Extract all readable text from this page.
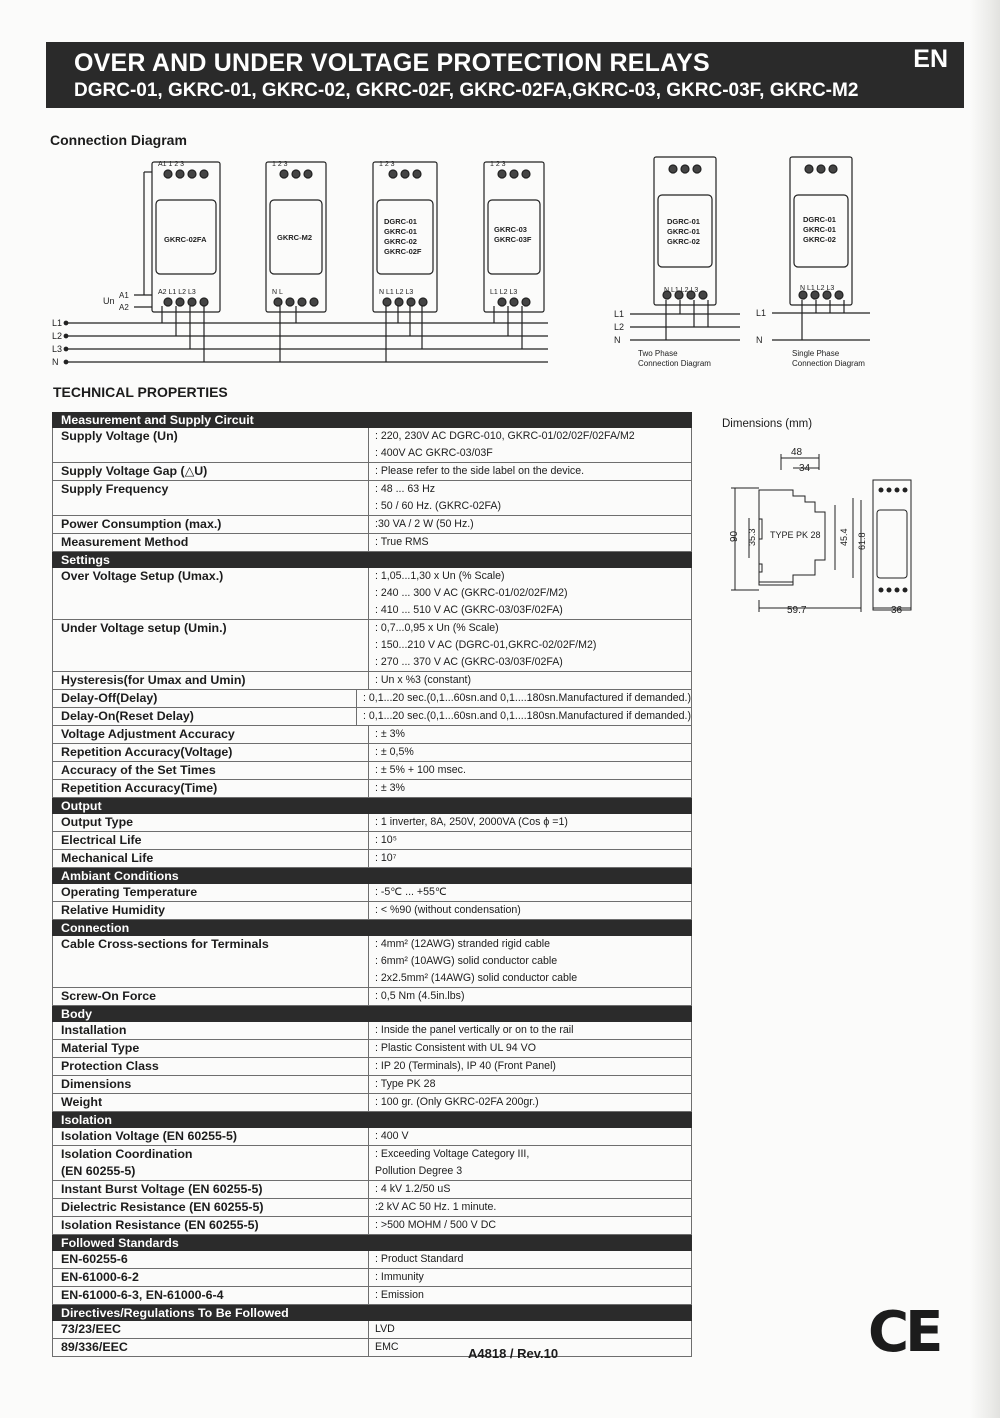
OVER AND UNDER VOLTAGE PROTECTION RELAYS
DGRC-01, GKRC-01, GKRC-02, GKRC-02F, GKRC-02FA,GKRC-03, GKRC-03F, GKRC-M2
EN
Connection Diagram
L1
L2
L3
N
A1 1 2 3
A2 L1 L2 L3
GKRC-02FA
1 2 3
N L
GKRC-M2
1 2 3
N L1 L2 L3
DGRC-01
GKRC-01
GKRC-02
GKRC-02F
1 2 3
L1 L2 L3
GKRC-03
GKRC-03F
Un
A1
A2
DGRC-01
GKRC-01
GKRC-02
N L1 L2 L3
L1
L2
N
Two Phase
Connection Diagram
DGRC-01
GKRC-01
GKRC-02
N L1 L2 L3
L1
N
Single Phase
Connection Diagram
TECHNICAL PROPERTIES
Measurement and Supply Circuit
Supply Voltage (Un)	: 220, 230V AC DGRC-010, GKRC-01/02/02F/02FA/M2
: 400V AC GKRC-03/03F
Supply Voltage Gap (△U)	: Please refer to the side label on the device.
Supply Frequency	: 48 ... 63 Hz
: 50 / 60 Hz. (GKRC-02FA)
Power Consumption (max.)	:30 VA / 2 W (50 Hz.)
Measurement Method	: True RMS
Settings
Over Voltage Setup (Umax.)	: 1,05...1,30 x Un (% Scale)
: 240 ... 300 V AC (GKRC-01/02/02F/M2)
: 410 ... 510 V AC (GKRC-03/03F/02FA)
Under Voltage setup (Umin.)	: 0,7...0,95 x Un (% Scale)
: 150...210 V AC (DGRC-01,GKRC-02/02F/M2)
: 270 ... 370 V AC (GKRC-03/03F/02FA)
Hysteresis(for Umax and Umin)	: Un x %3 (constant)
Delay-Off(Delay)	: 0,1...20 sec.(0,1...60sn.and 0,1....180sn.Manufactured if demanded.)
Delay-On(Reset Delay)	: 0,1...20 sec.(0,1...60sn.and 0,1....180sn.Manufactured if demanded.)
Voltage Adjustment Accuracy	: ± 3%
Repetition Accuracy(Voltage)	: ± 0,5%
Accuracy of the Set Times	: ± 5% + 100 msec.
Repetition Accuracy(Time)	: ± 3%
Output
Output Type	: 1 inverter, 8A, 250V, 2000VA (Cos ϕ =1)
Electrical Life	: 10⁵
Mechanical Life	: 10⁷
Ambiant Conditions
Operating Temperature	: -5℃ ... +55℃
Relative Humidity	: < %90 (without condensation)
Connection
Cable Cross-sections for Terminals	: 4mm² (12AWG) stranded rigid cable
: 6mm² (10AWG) solid conductor cable
: 2x2.5mm² (14AWG) solid conductor cable
Screw-On Force	: 0,5 Nm (4.5in.lbs)
Body
Installation	: Inside the panel vertically or on to the rail
Material Type	: Plastic Consistent with UL 94 VO
Protection Class	: IP 20 (Terminals), IP 40 (Front Panel)
Dimensions	: Type PK 28
Weight	: 100 gr. (Only GKRC-02FA 200gr.)
Isolation
Isolation Voltage (EN 60255-5)	: 400 V
Isolation Coordination
(EN 60255-5)
: Exceeding Voltage Category III,
Pollution Degree 3
Instant Burst Voltage (EN 60255-5)	: 4 kV 1.2/50 uS
Dielectric Resistance (EN 60255-5)	:2 kV AC 50 Hz. 1 minute.
Isolation Resistance (EN 60255-5)	: >500 MOHM / 500 V DC
Followed Standards
EN-60255-6	: Product Standard
EN-61000-6-2	: Immunity
EN-61000-6-3, EN-61000-6-4	: Emission
Directives/Regulations To Be Followed
73/23/EEC	LVD
89/336/EEC	EMC
Dimensions (mm)
48
34
90 35.3	45.4 61.8
TYPE PK 28
59.7	36
A4818 / Rev.10	CE
